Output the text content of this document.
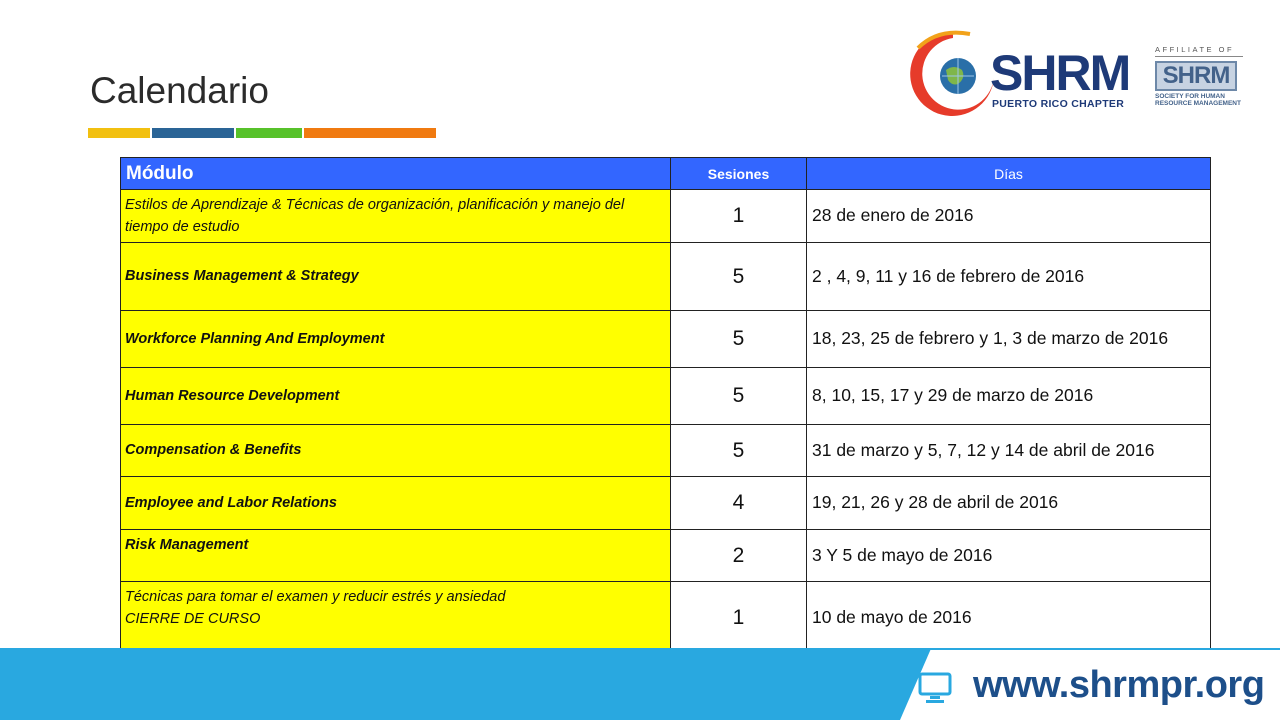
Calendario	SHRM
PUERTO RICO CHAPTER
AFFILIATE OF
SHRM
SOCIETY FOR HUMAN
RESOURCE MANAGEMENT
Módulo	Sesiones	Días
Estilos de Aprendizaje & Técnicas de organización, planificación y manejo del tiempo de estudio	1	28 de enero de 2016
Business Management & Strategy	5	2 , 4, 9, 11 y 16 de febrero de 2016
Workforce Planning And Employment	5	18, 23, 25 de febrero y 1, 3 de marzo de 2016
Human Resource Development	5	8, 10, 15, 17 y 29 de marzo de 2016
Compensation & Benefits	5	31 de marzo y 5, 7, 12 y 14 de abril de 2016
Employee and Labor Relations	4	19, 21, 26 y 28 de abril de 2016
Risk Management	2	3 Y 5 de mayo de 2016

Técnicas para tomar el examen y reducir estrés y ansiedad
CIERRE DE CURSO	1	10 de mayo de 2016
www.shrmpr.org
